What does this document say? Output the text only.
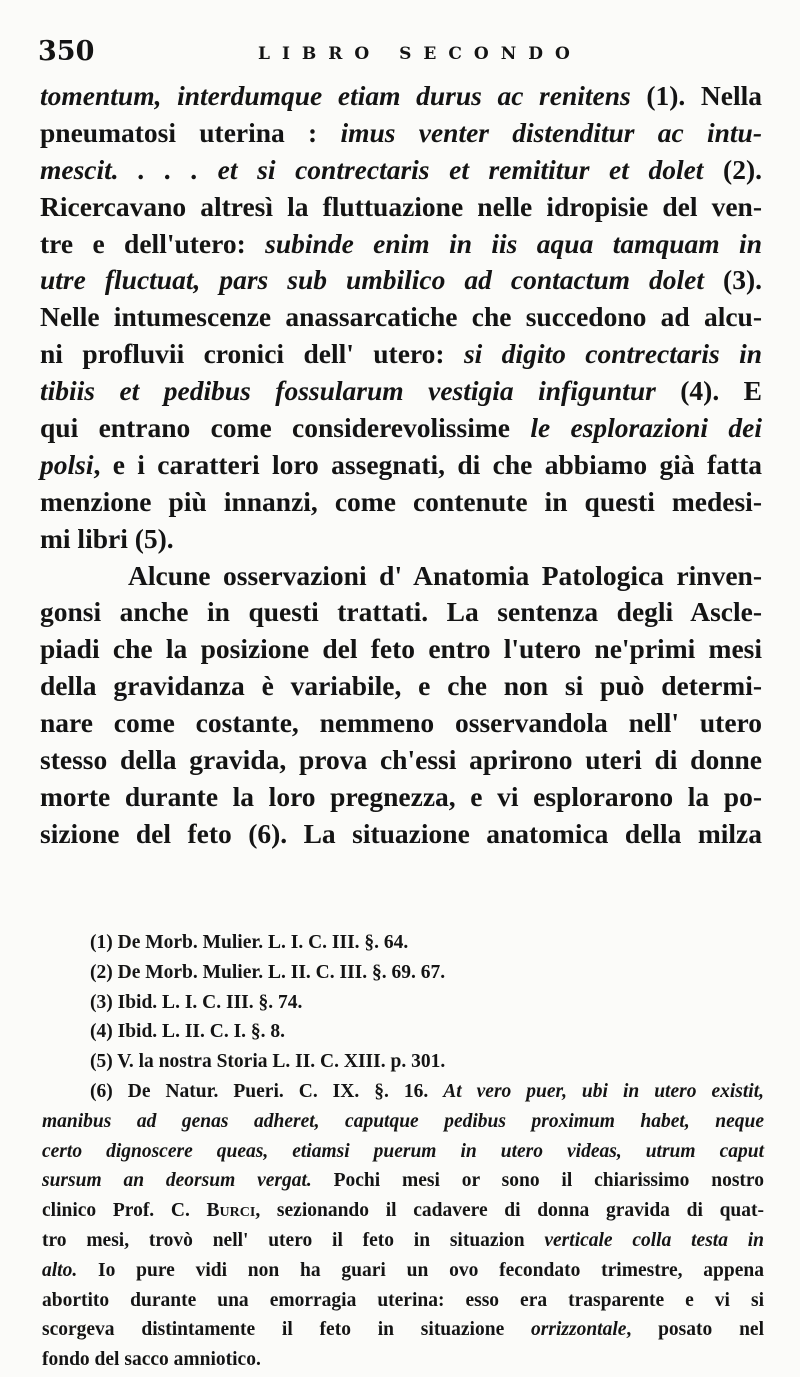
350	LIBRO SECONDO
tomentum, interdumque etiam durus ac renitens (1). Nella
pneumatosi uterina : imus venter distenditur ac intu-
mescit. . . . et si contrectaris et remititur et dolet (2).
Ricercavano altresì la fluttuazione nelle idropisie del ven-
tre e dell'utero: subinde enim in iis aqua tamquam in
utre fluctuat, pars sub umbilico ad contactum dolet (3).
Nelle intumescenze anassarcatiche che succedono ad alcu-
ni profluvii cronici dell' utero: si digito contrectaris in
tibiis et pedibus fossularum vestigia infiguntur (4). E
qui entrano come considerevolissime le esplorazioni dei
polsi, e i caratteri loro assegnati, di che abbiamo già fatta
menzione più innanzi, come contenute in questi medesi-
mi libri (5).
Alcune osservazioni d' Anatomia Patologica rinven-
gonsi anche in questi trattati. La sentenza degli Ascle-
piadi che la posizione del feto entro l'utero ne'primi mesi
della gravidanza è variabile, e che non si può determi-
nare come costante, nemmeno osservandola nell' utero
stesso della gravida, prova ch'essi aprirono uteri di donne
morte durante la loro pregnezza, e vi esplorarono la po-
sizione del feto (6). La situazione anatomica della milza
(1) De Morb. Mulier. L. I. C. III. §. 64.
(2) De Morb. Mulier. L. II. C. III. §. 69. 67.
(3) Ibid. L. I. C. III. §. 74.
(4) Ibid. L. II. C. I. §. 8.
(5) V. la nostra Storia L. II. C. XIII. p. 301.
(6) De Natur. Pueri. C. IX. §. 16. At vero puer, ubi in utero existit,
manibus ad genas adheret, caputque pedibus proximum habet, neque
certo dignoscere queas, etiamsi puerum in utero videas, utrum caput
sursum an deorsum vergat. Pochi mesi or sono il chiarissimo nostro
clinico Prof. C. Burci, sezionando il cadavere di donna gravida di quat-
tro mesi, trovò nell' utero il feto in situazion verticale colla testa in
alto. Io pure vidi non ha guari un ovo fecondato trimestre, appena
abortito durante una emorragia uterina: esso era trasparente e vi si
scorgeva distintamente il feto in situazione orrizzontale, posato nel
fondo del sacco amniotico.
